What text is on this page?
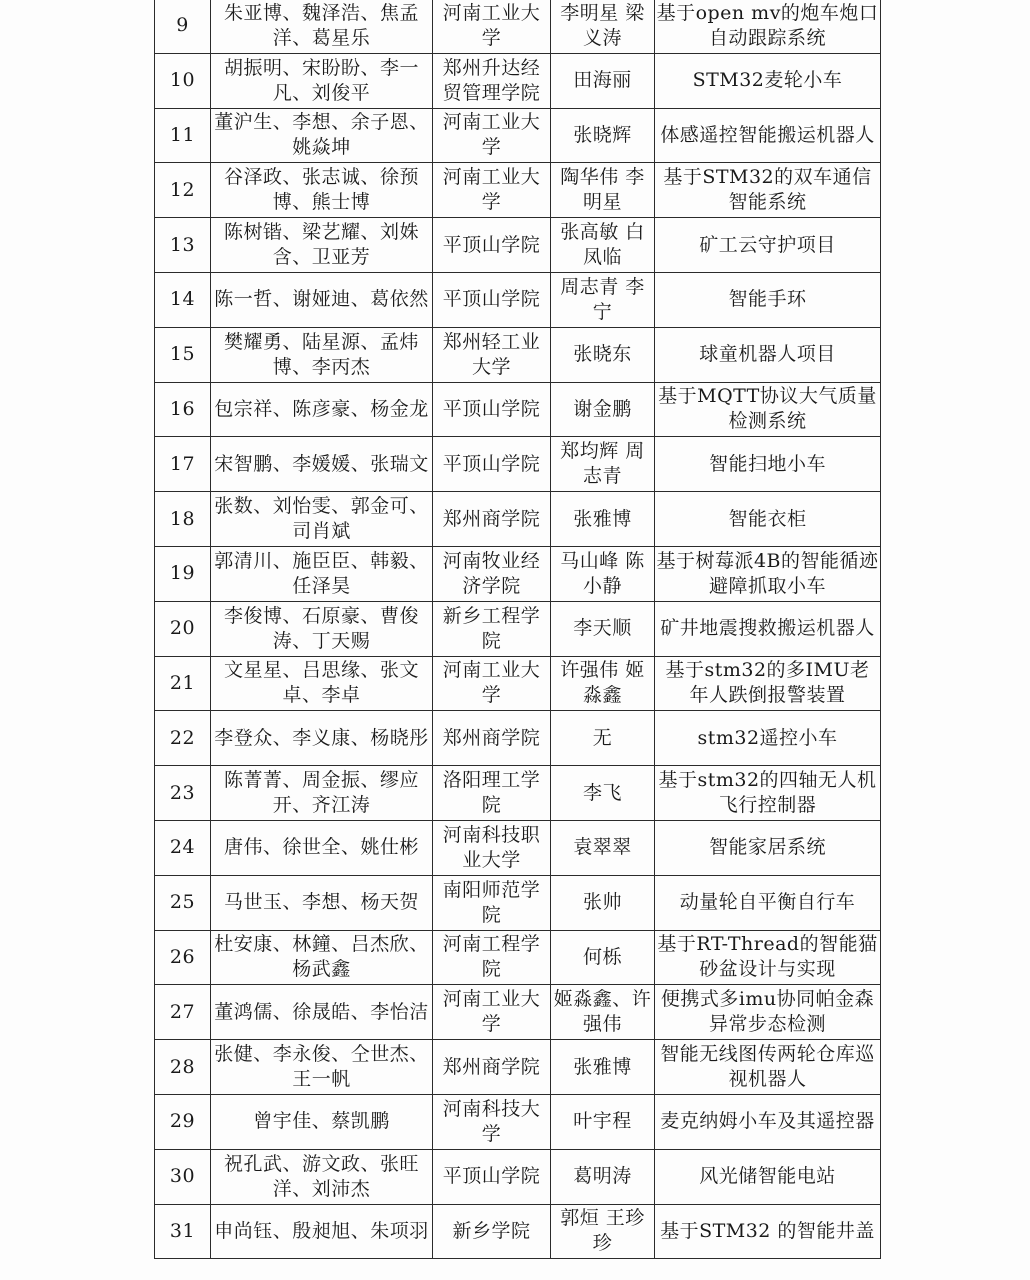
9	朱亚博、魏泽浩、焦孟洋、葛星乐	河南工业大学	李明星 梁义涛	基于open mv的炮车炮口自动跟踪系统
10	胡振明、宋盼盼、李一凡、刘俊平	郑州升达经贸管理学院	田海丽	STM32麦轮小车
11	董沪生、李想、余子恩、姚焱坤	河南工业大学	张晓辉	体感遥控智能搬运机器人
12	谷泽政、张志诚、徐预博、熊士博	河南工业大学	陶华伟 李明星	基于STM32的双车通信智能系统
13	陈树锴、梁艺耀、刘姝含、卫亚芳	平顶山学院	张高敏 白凤临	矿工云守护项目
14	陈一哲、谢娅迪、葛依然	平顶山学院	周志青 李宁	智能手环
15	樊耀勇、陆星源、孟炜博、李丙杰	郑州轻工业大学	张晓东	球童机器人项目
16	包宗祥、陈彦豪、杨金龙	平顶山学院	谢金鹏	基于MQTT协议大气质量检测系统
17	宋智鹏、李媛媛、张瑞文	平顶山学院	郑均辉 周志青	智能扫地小车
18	张数、刘怡雯、郭金可、司肖斌	郑州商学院	张雅博	智能衣柜
19	郭清川、施臣臣、韩毅、任泽昊	河南牧业经济学院	马山峰 陈小静	基于树莓派4B的智能循迹避障抓取小车
20	李俊博、石原豪、曹俊涛、丁天赐	新乡工程学院	李天顺	矿井地震搜救搬运机器人
21	文星星、吕思缘、张文卓、李卓	河南工业大学	许强伟 姬淼鑫	基于stm32的多IMU老年人跌倒报警装置
22	李登众、李义康、杨晓彤	郑州商学院	无	stm32遥控小车
23	陈菁菁、周金振、缪应开、齐江涛	洛阳理工学院	李飞	基于stm32的四轴无人机飞行控制器
24	唐伟、徐世全、姚仕彬	河南科技职业大学	袁翠翠	智能家居系统
25	马世玉、李想、杨天贺	南阳师范学院	张帅	动量轮自平衡自行车
26	杜安康、林鐘、吕杰欣、杨武鑫	河南工程学院	何栎	基于RT-Thread的智能猫砂盆设计与实现
27	董鸿儒、徐晟皓、李怡洁	河南工业大学	姬淼鑫、许强伟	便携式多imu协同帕金森异常步态检测
28	张健、李永俊、仝世杰、王一帆	郑州商学院	张雅博	智能无线图传两轮仓库巡视机器人
29	曾宇佳、蔡凯鹏	河南科技大学	叶宇程	麦克纳姆小车及其遥控器
30	祝孔武、游文政、张旺洋、刘沛杰	平顶山学院	葛明涛	风光储智能电站
31	申尚钰、殷昶旭、朱项羽	新乡学院	郭烜 王珍珍	基于STM32 的智能井盖
